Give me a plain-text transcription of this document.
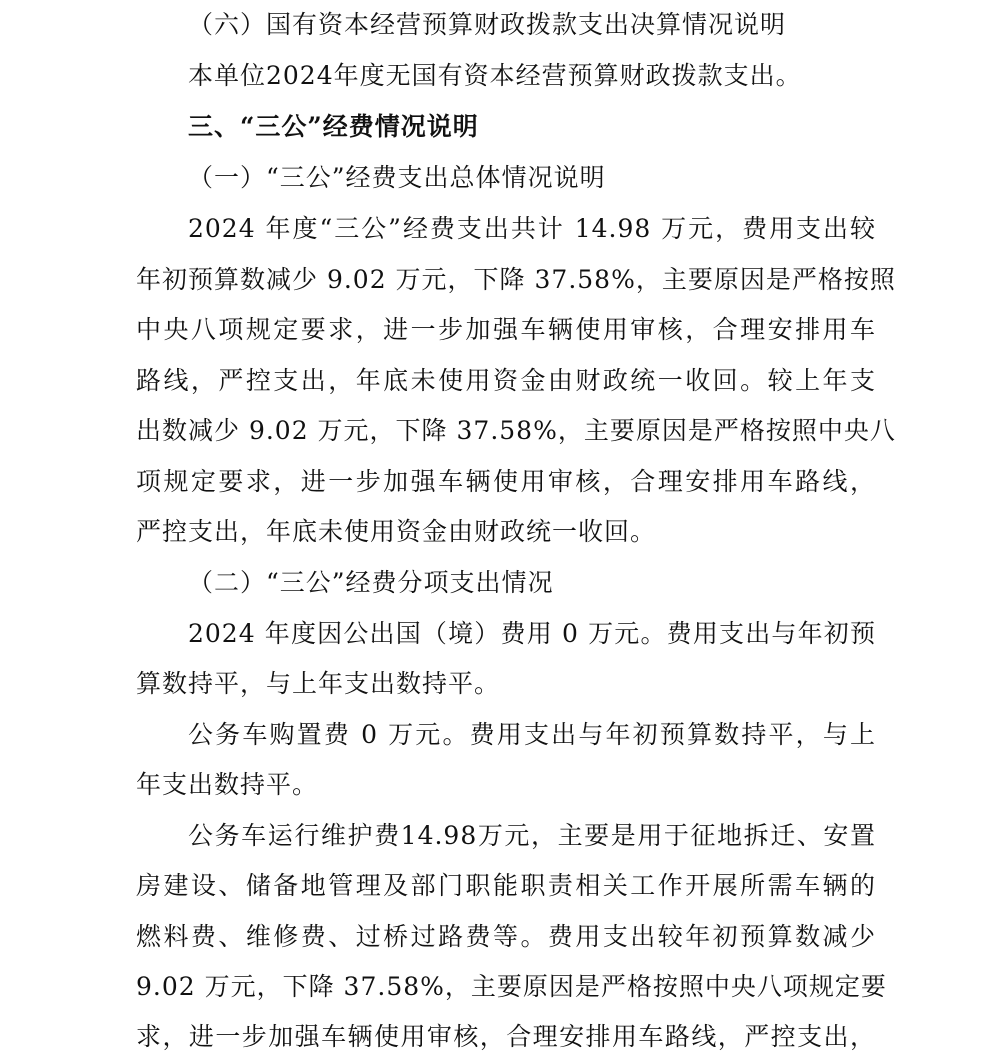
（六）国有资本经营预算财政拨款支出决算情况说明
本单位2024年度无国有资本经营预算财政拨款支出。
三、“三公”经费情况说明
（一）“三公”经费支出总体情况说明
2024 年度“三公”经费支出共计 14.98 万元，费用支出较
年初预算数减少 9.02 万元，下降 37.58%，主要原因是严格按照
中央八项规定要求，进一步加强车辆使用审核，合理安排用车
路线，严控支出，年底未使用资金由财政统一收回。较上年支
出数减少 9.02 万元，下降 37.58%，主要原因是严格按照中央八
项规定要求，进一步加强车辆使用审核，合理安排用车路线，
严控支出，年底未使用资金由财政统一收回。
（二）“三公”经费分项支出情况
2024 年度因公出国（境）费用 0 万元。费用支出与年初预
算数持平，与上年支出数持平。
公务车购置费 0 万元。费用支出与年初预算数持平，与上
年支出数持平。
公务车运行维护费14.98万元，主要是用于征地拆迁、安置
房建设、储备地管理及部门职能职责相关工作开展所需车辆的
燃料费、维修费、过桥过路费等。费用支出较年初预算数减少
9.02 万元，下降 37.58%，主要原因是严格按照中央八项规定要
求，进一步加强车辆使用审核，合理安排用车路线，严控支出，
